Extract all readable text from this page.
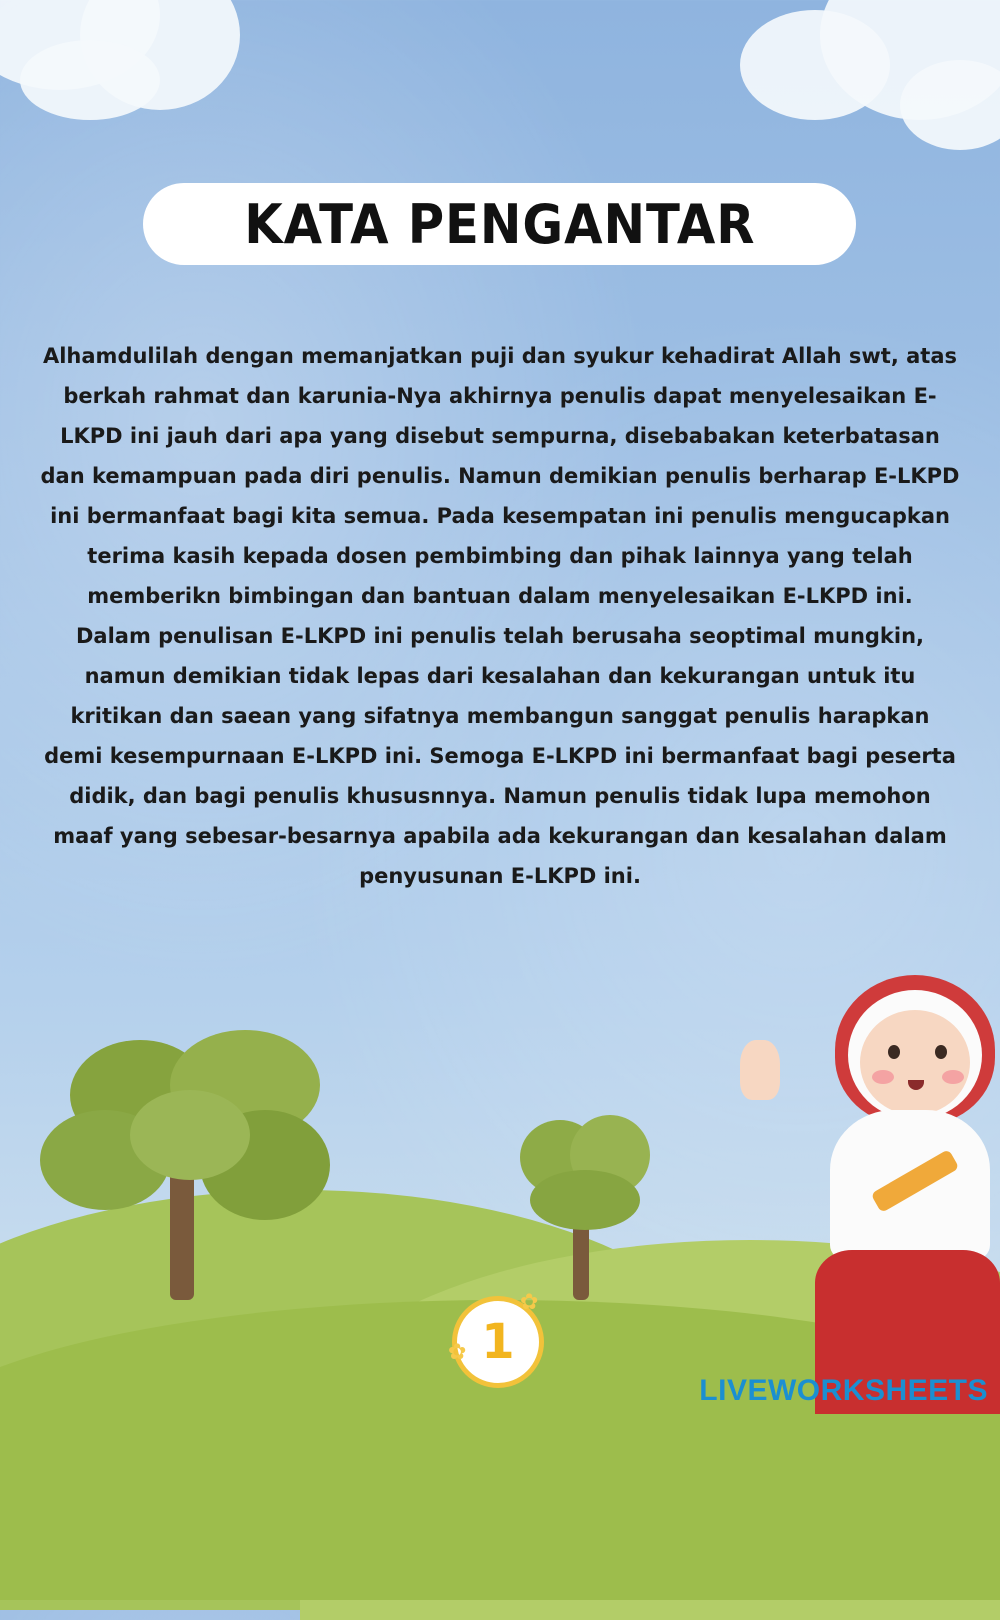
KATA PENGANTAR

Alhamdulilah dengan memanjatkan puji dan syukur kehadirat Allah swt, atas berkah rahmat dan karunia-Nya akhirnya penulis dapat menyelesaikan E-LKPD ini jauh dari apa yang disebut sempurna, disebabakan keterbatasan dan kemampuan pada diri penulis. Namun demikian penulis berharap E-LKPD ini bermanfaat bagi kita semua. Pada kesempatan ini penulis mengucapkan terima kasih kepada dosen pembimbing dan pihak lainnya yang telah memberikn bimbingan dan bantuan dalam menyelesaikan E-LKPD ini.

Dalam penulisan E-LKPD ini penulis telah berusaha seoptimal mungkin, namun demikian tidak lepas dari kesalahan dan kekurangan untuk itu kritikan dan saean yang sifatnya membangun sanggat penulis harapkan demi kesempurnaan E-LKPD ini. Semoga E-LKPD ini bermanfaat bagi peserta didik, dan bagi penulis khususnnya. Namun penulis tidak lupa memohon maaf yang sebesar-besarnya apabila ada kekurangan dan kesalahan dalam penyusunan E-LKPD ini.

1
✿
✿
LIVEWORKSHEETS
